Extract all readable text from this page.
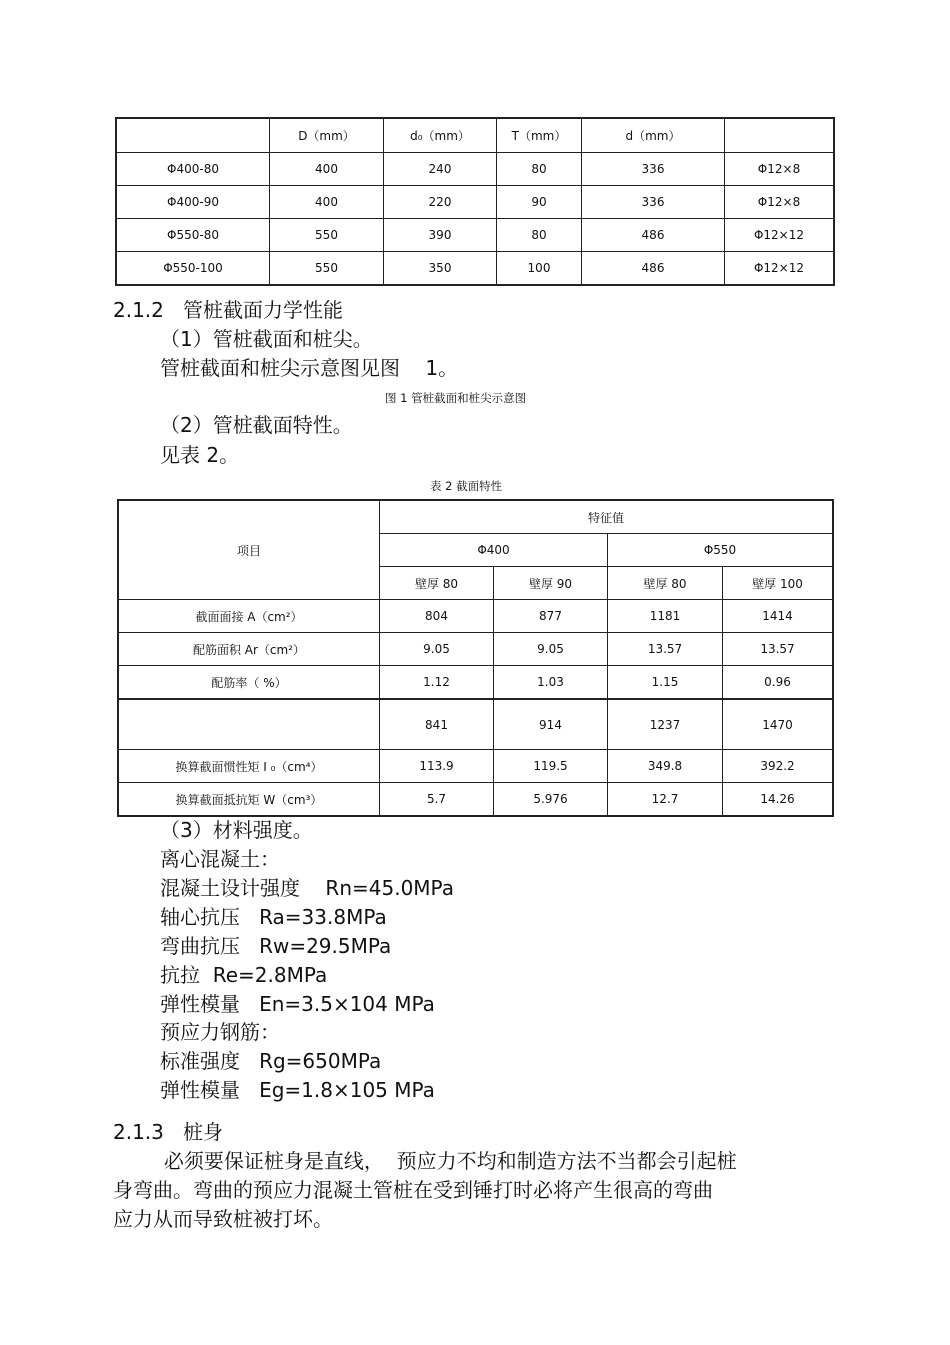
	D（mm）	d₀（mm）	T（mm）	d（mm）	
Φ400-80	400	240	80	336	Φ12×8
Φ400-90	400	220	90	336	Φ12×8
Φ550-80	550	390	80	486	Φ12×12
Φ550-100	550	350	100	486	Φ12×12
2.1.2   管桩截面力学性能
（1）管桩截面和桩尖。
管桩截面和桩尖示意图见图    1。
图 1 管桩截面和桩尖示意图
（2）管桩截面特性。
见表 2。
表 2 截面特性
项目	特征值			
	Φ400		Φ550	
	壁厚 80	壁厚 90	壁厚 80	壁厚 100
截面面接 A（cm²）	804	877	1181	1414
配筋面积 Ar（cm²）	9.05	9.05	13.57	13.57
配筋率（ %）	1.12	1.03	1.15	0.96
	841	914	1237	1470
换算截面惯性矩 I ₀（cm⁴）	113.9	119.5	349.8	392.2
换算截面抵抗矩 W（cm³）	5.7	5.976	12.7	14.26
（3）材料强度。
离心混凝土：
混凝土设计强度    Rn=45.0MPa
轴心抗压   Ra=33.8MPa
弯曲抗压   Rw=29.5MPa
抗拉  Re=2.8MPa
弹性模量   En=3.5×104 MPa
预应力钢筋：
标准强度   Rg=650MPa
弹性模量   Eg=1.8×105 MPa
2.1.3   桩身
必须要保证桩身是直线，  预应力不均和制造方法不当都会引起桩
身弯曲。弯曲的预应力混凝土管桩在受到锤打时必将产生很高的弯曲
应力从而导致桩被打坏。
